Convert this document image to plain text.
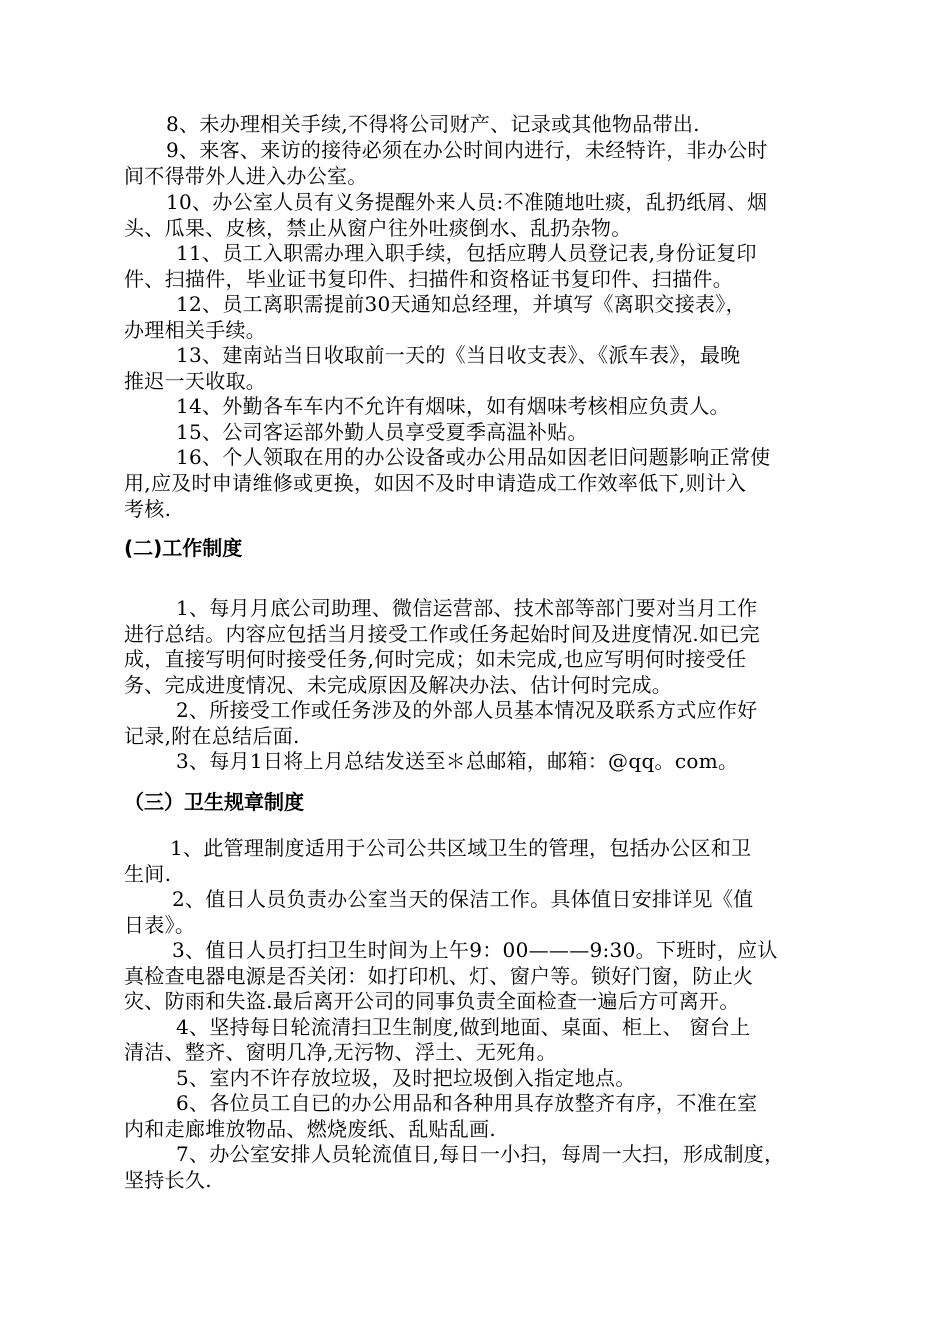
8、未办理相关手续,不得将公司财产、记录或其他物品带出.
9、来客、来访的接待必须在办公时间内进行，未经特许，非办公时
间不得带外人进入办公室。
10、办公室人员有义务提醒外来人员:不准随地吐痰，乱扔纸屑、烟
头、瓜果、皮核，禁止从窗户往外吐痰倒水、乱扔杂物。
11、员工入职需办理入职手续，包括应聘人员登记表,身份证复印
件、扫描件，毕业证书复印件、扫描件和资格证书复印件、扫描件。
12、员工离职需提前30天通知总经理，并填写《离职交接表》，
办理相关手续。
13、建南站当日收取前一天的《当日收支表》、《派车表》，最晚
推迟一天收取。
14、外勤各车车内不允许有烟味，如有烟味考核相应负责人。
15、公司客运部外勤人员享受夏季高温补贴。
16、个人领取在用的办公设备或办公用品如因老旧问题影响正常使
用,应及时申请维修或更换，如因不及时申请造成工作效率低下,则计入
考核.
(二)工作制度
1、每月月底公司助理、微信运营部、技术部等部门要对当月工作
进行总结。内容应包括当月接受工作或任务起始时间及进度情况.如已完
成，直接写明何时接受任务,何时完成；如未完成,也应写明何时接受任
务、完成进度情况、未完成原因及解决办法、估计何时完成。
2、所接受工作或任务涉及的外部人员基本情况及联系方式应作好
记录,附在总结后面.
3、每月1日将上月总结发送至＊总邮箱，邮箱：@qq。com。
（三）卫生规章制度
1、此管理制度适用于公司公共区域卫生的管理，包括办公区和卫
生间.
2、值日人员负责办公室当天的保洁工作。具体值日安排详见《值
日表》。
3、值日人员打扫卫生时间为上午9：00———9:30。下班时，应认
真检查电器电源是否关闭：如打印机、灯、窗户等。锁好门窗，防止火
灾、防雨和失盗.最后离开公司的同事负责全面检查一遍后方可离开。
4、坚持每日轮流清扫卫生制度,做到地面、桌面、柜上、 窗台上
清洁、整齐、窗明几净,无污物、浮土、无死角。
5、室内不许存放垃圾，及时把垃圾倒入指定地点。
6、各位员工自已的办公用品和各种用具存放整齐有序，不准在室
内和走廊堆放物品、燃烧废纸、乱贴乱画.
7、办公室安排人员轮流值日,每日一小扫，每周一大扫，形成制度，
坚持长久.
